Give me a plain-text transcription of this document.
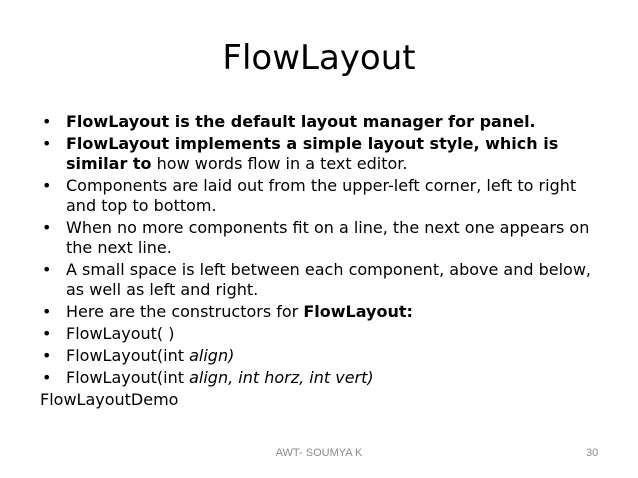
FlowLayout
• FlowLayout is the default layout manager for panel.
• FlowLayout implements a simple layout style, which is similar to how words flow in a text editor.
• Components are laid out from the upper-left corner, left to right and top to bottom.
• When no more components fit on a line, the next one appears on the next line.
• A small space is left between each component, above and below, as well as left and right.
• Here are the constructors for FlowLayout:
• FlowLayout( )
• FlowLayout(int align)
• FlowLayout(int align, int horz, int vert)
FlowLayoutDemo
AWT- SOUMYA K	30
